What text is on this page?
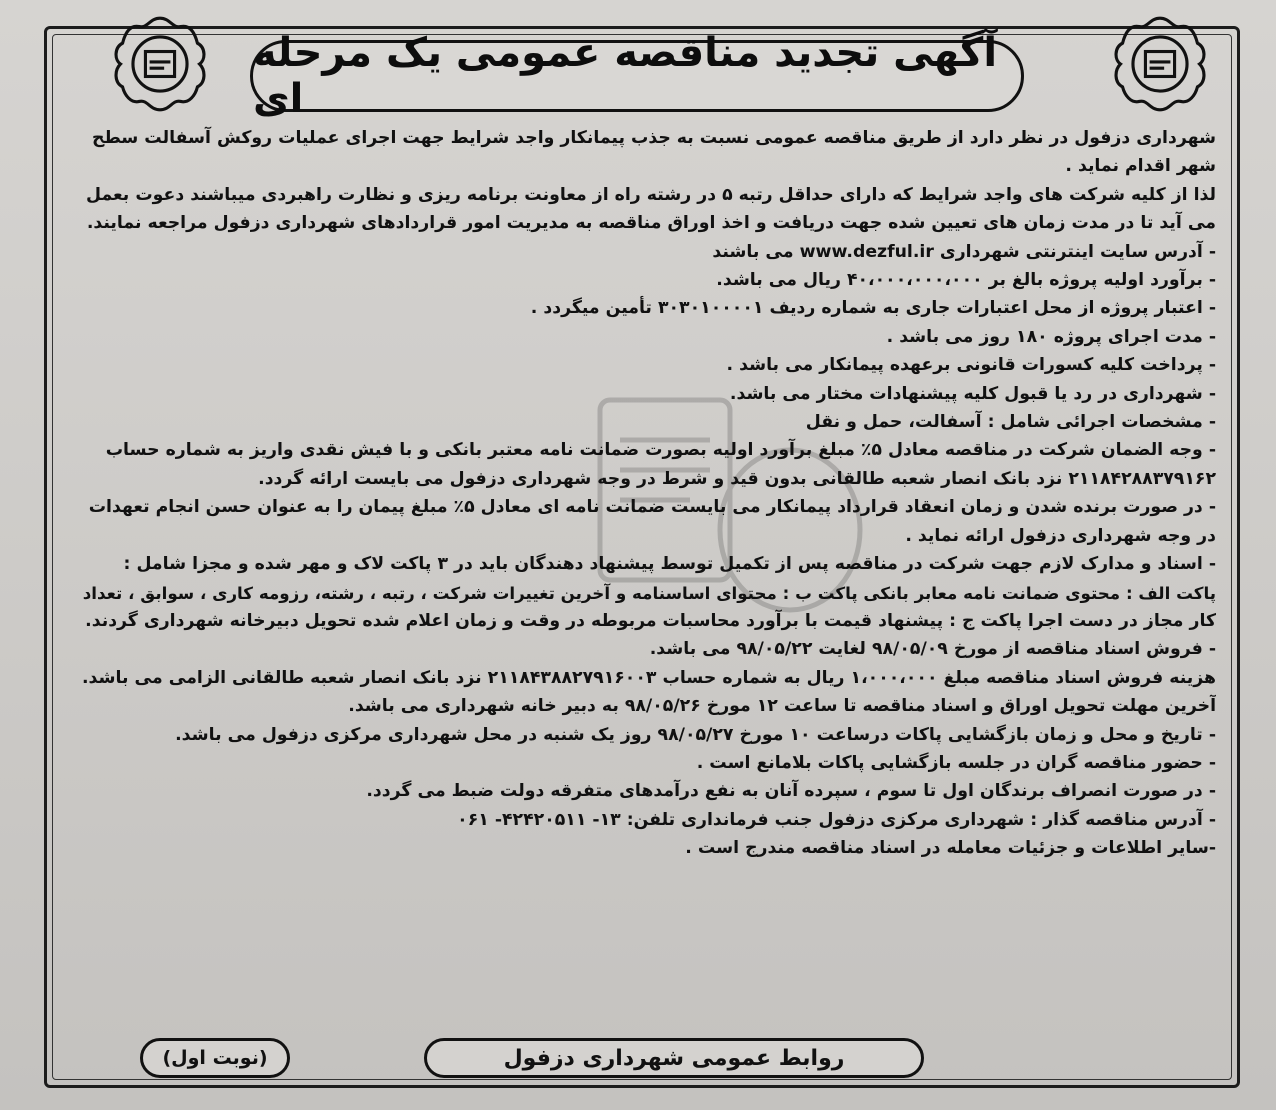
آگهی تجدید مناقصه عمومی یک مرحله ای
شهرداری دزفول در نظر دارد از طریق مناقصه عمومی نسبت به جذب پیمانکار واجد شرایط جهت اجرای عملیات روکش آسفالت سطح
شهر اقدام نماید .
لذا از کلیه شرکت های واجد شرایط که دارای حداقل رتبه ۵ در رشته راه از معاونت برنامه ریزی و نظارت راهبردی میباشند دعوت بعمل
می آید تا در مدت زمان های تعیین شده جهت دریافت و اخذ اوراق مناقصه به مدیریت امور قراردادهای شهرداری دزفول مراجعه نمایند.
- آدرس سایت اینترنتی شهرداری www.dezful.ir می باشند
- برآورد اولیه پروژه بالغ بر ۴۰،۰۰۰،۰۰۰،۰۰۰ ریال می باشد.
- اعتبار پروژه از محل اعتبارات جاری به شماره ردیف ۳۰۳۰۱۰۰۰۰۱ تأمین میگردد .
- مدت اجرای پروژه ۱۸۰ روز می باشد .
- پرداخت کلیه کسورات قانونی برعهده پیمانکار می باشد .
- شهرداری در رد یا قبول کلیه پیشنهادات مختار می باشد.
- مشخصات اجرائی شامل : آسفالت، حمل و نقل
- وجه الضمان شرکت در مناقصه معادل ۵٪ مبلغ برآورد اولیه بصورت ضمانت نامه معتبر بانکی و با فیش نقدی واریز به شماره حساب
۲۱۱۸۴۲۸۸۳۷۹۱۶۲ نزد بانک انصار شعبه طالقانی بدون قید و شرط در وجه شهرداری دزفول می بایست ارائه گردد.
- در صورت برنده شدن و زمان انعقاد قرارداد پیمانکار می بایست ضمانت نامه ای معادل ۵٪ مبلغ پیمان را به عنوان حسن انجام تعهدات
در وجه شهرداری دزفول ارائه نماید .
- اسناد و مدارک لازم جهت شرکت در مناقصه پس از تکمیل توسط پیشنهاد دهندگان باید در ۳ پاکت لاک و مهر شده و مجزا شامل :
پاکت الف : محتوی ضمانت نامه معابر بانکی پاکت ب : محتوای اساسنامه و آخرین تغییرات شرکت ، رتبه ، رشته، رزومه کاری ، سوابق ، تعداد
کار مجاز در دست اجرا پاکت ج : پیشنهاد قیمت با برآورد محاسبات مربوطه در وقت و زمان اعلام شده تحویل دبیرخانه شهرداری گردند.
- فروش اسناد مناقصه از مورخ ۹۸/۰۵/۰۹ لغایت ۹۸/۰۵/۲۲ می باشد.
هزینه فروش اسناد مناقصه مبلغ ۱،۰۰۰،۰۰۰ ریال به شماره حساب ۲۱۱۸۴۳۸۸۲۷۹۱۶۰۰۳ نزد بانک انصار شعبه طالقانی الزامی می باشد.
آخرین مهلت تحویل اوراق و اسناد مناقصه تا ساعت ۱۲ مورخ ۹۸/۰۵/۲۶ به دبیر خانه شهرداری می باشد.
- تاریخ و محل و زمان بازگشایی پاکات درساعت ۱۰ مورخ ۹۸/۰۵/۲۷ روز یک شنبه در محل شهرداری مرکزی دزفول می باشد.
- حضور مناقصه گران در جلسه بازگشایی پاکات بلامانع است .
- در صورت انصراف برندگان اول تا سوم ، سپرده آنان به نفع درآمدهای متفرقه دولت ضبط می گردد.
- آدرس مناقصه گذار : شهرداری مرکزی دزفول جنب فرمانداری تلفن: ۱۳- ۴۲۴۲۰۵۱۱- ۰۶۱
-سایر اطلاعات و جزئیات معامله در اسناد مناقصه مندرج است .
روابط عمومی شهرداری دزفول
(نوبت اول)
